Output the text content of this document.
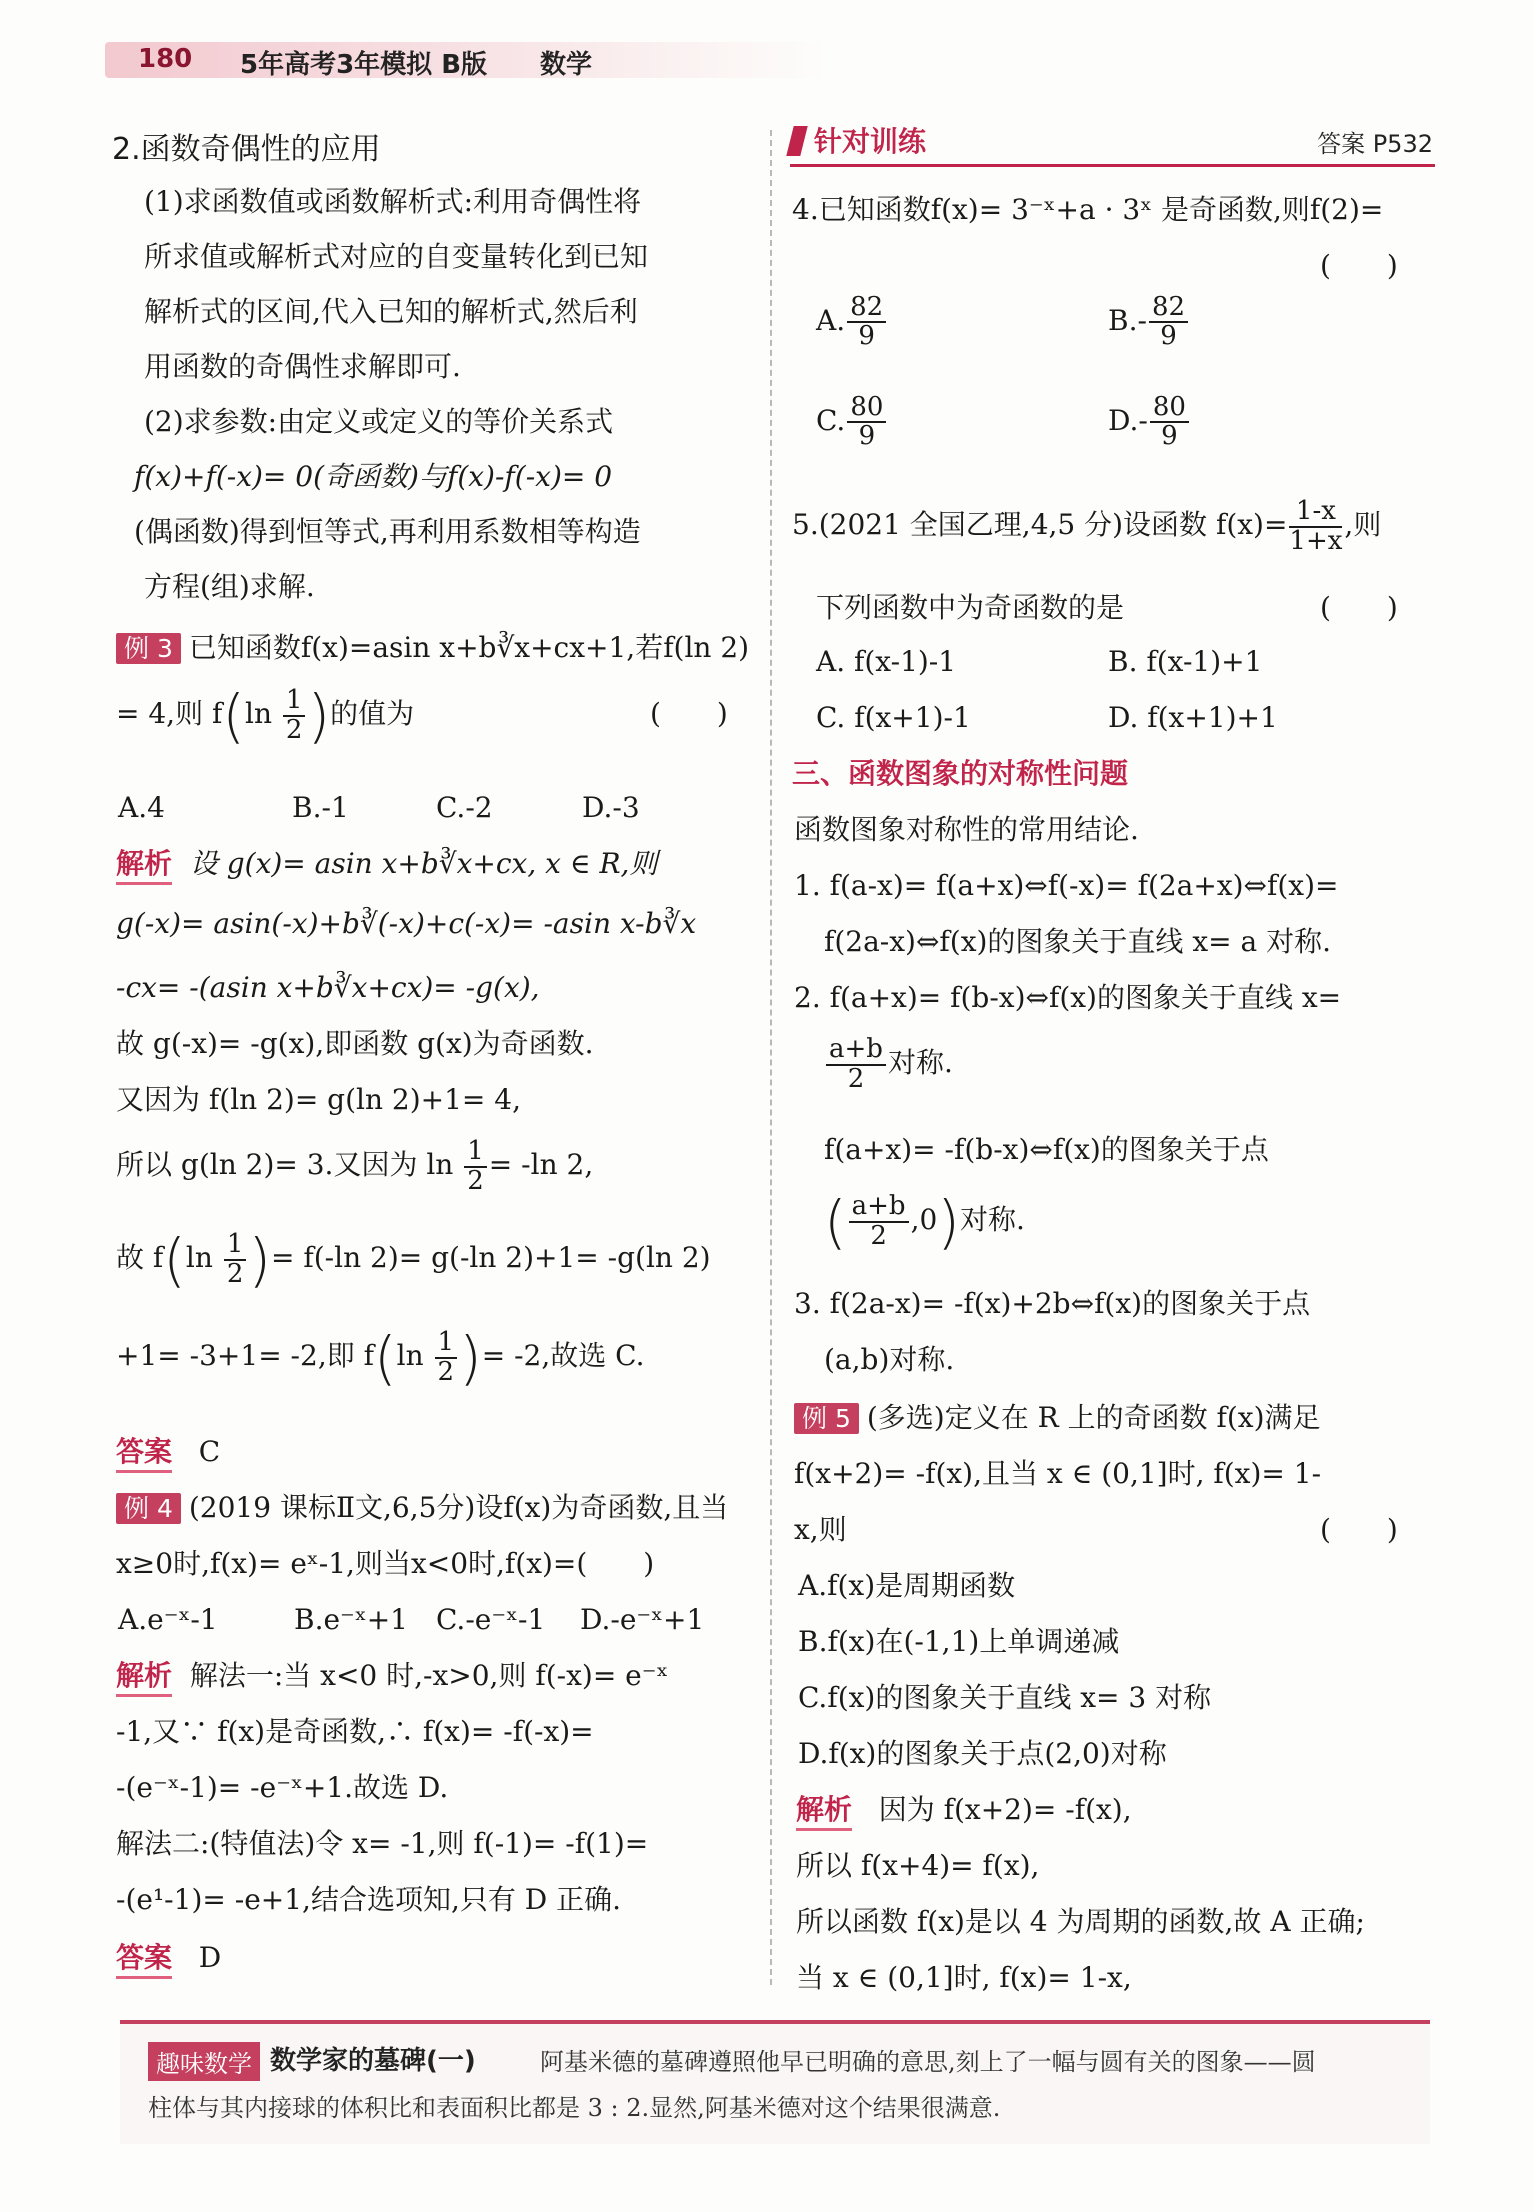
180 5年高考3年模拟 B版 数学
2.函数奇偶性的应用
(1)求函数值或函数解析式:利用奇偶性将
所求值或解析式对应的自变量转化到已知
解析式的区间,代入已知的解析式,然后利
用函数的奇偶性求解即可.
(2)求参数:由定义或定义的等价关系式
f(x)+f(-x)= 0(奇函数)与f(x)-f(-x)= 0
(偶函数)得到恒等式,再利用系数相等构造
方程(组)求解.
例 3 已知函数f(x)=asin x+b∛x+cx+1,若f(ln 2)
= 4,则 $f(\ln \frac{1}{2}$ )的值为	(　　)
A.4	B.-1	C.-2	D.-3
解析 设 g(x)= asin x+b∛x+cx, x ∈ R,则
g(-x)= asin(-x)+b∛(-x)+c(-x)= -asin x-b∛x
-cx= -(asin x+b∛x+cx)= -g(x),
故 g(-x)= -g(x),即函数 g(x)为奇函数.
又因为 f(ln 2)= g(ln 2)+1= 4,
所以 g(ln 2)= 3.又因为 $\ln \frac{1}{2} = -\ln$ 2,
故 $f(\ln \frac{1}{2}$ )= f(-ln 2)= g(-ln 2)+1= -g(ln 2)
+1= -3+1= -2,即 $f(\ln \frac{1}{2}$ )= -2,故选 C.
答案 C
例 4 (2019 课标Ⅱ文,6,5分)设f(x)为奇函数,且当
x≥0时,f(x)= eˣ-1,则当x<0时,f(x)=(　　)
A.e⁻ˣ-1	B.e⁻ˣ+1 C.-e⁻ˣ-1 D.-e⁻ˣ+1
解析 解法一:当 x<0 时,-x>0,则 f(-x)= e⁻ˣ
-1,又∵ f(x)是奇函数,∴ f(x)= -f(-x)=
-(e⁻ˣ-1)= -e⁻ˣ+1.故选 D.
解法二:(特值法)令 x= -1,则 f(-1)= -f(1)=
-(e¹-1)= -e+1,结合选项知,只有 D 正确.
答案 D
针对训练	答案 P532
4.已知函数f(x)= 3⁻ˣ+a · 3ˣ 是奇函数,则f(2)=
(　　)
A. $\frac{82}{9}$	$B.- \frac{82}{9}$
C. $\frac{80}{9}$	$D.- \frac{80}{9}$
5.(2021 全国乙理,4,5 分)设函数 $f(x)= \frac{1-x}{1+x}$ ,则
下列函数中为奇函数的是	(　　)
A. f(x-1)-1	B. f(x-1)+1
C. f(x+1)-1	D. f(x+1)+1
三、函数图象的对称性问题
函数图象对称性的常用结论.
1. f(a-x)= f(a+x)⇔f(-x)= f(2a+x)⇔f(x)=
f(2a-x)⇔f(x)的图象关于直线 x= a 对称.
2. f(a+x)= f(b-x)⇔f(x)的图象关于直线 x=
$\frac{a+b}{2}$ 对称.
f(a+x)= -f(b-x)⇔f(x)的图象关于点
( $\frac{a+b}{2} ,0$)对称.
3. f(2a-x)= -f(x)+2b⇔f(x)的图象关于点
(a,b)对称.
例 5 (多选)定义在 R 上的奇函数 f(x)满足
f(x+2)= -f(x),且当 x ∈ (0,1]时, f(x)= 1-
x,则	(　　)
A.f(x)是周期函数
B.f(x)在(-1,1)上单调递减
C.f(x)的图象关于直线 x= 3 对称
D.f(x)的图象关于点(2,0)对称
解析 因为 f(x+2)= -f(x),
所以 f(x+4)= f(x),
所以函数 f(x)是以 4 为周期的函数,故 A 正确;
当 x ∈ (0,1]时, f(x)= 1-x,
趣味数学 数学家的墓碑(一)	阿基米德的墓碑遵照他早已明确的意思,刻上了一幅与圆有关的图象——圆
柱体与其内接球的体积比和表面积比都是 3 : 2.显然,阿基米德对这个结果很满意.
